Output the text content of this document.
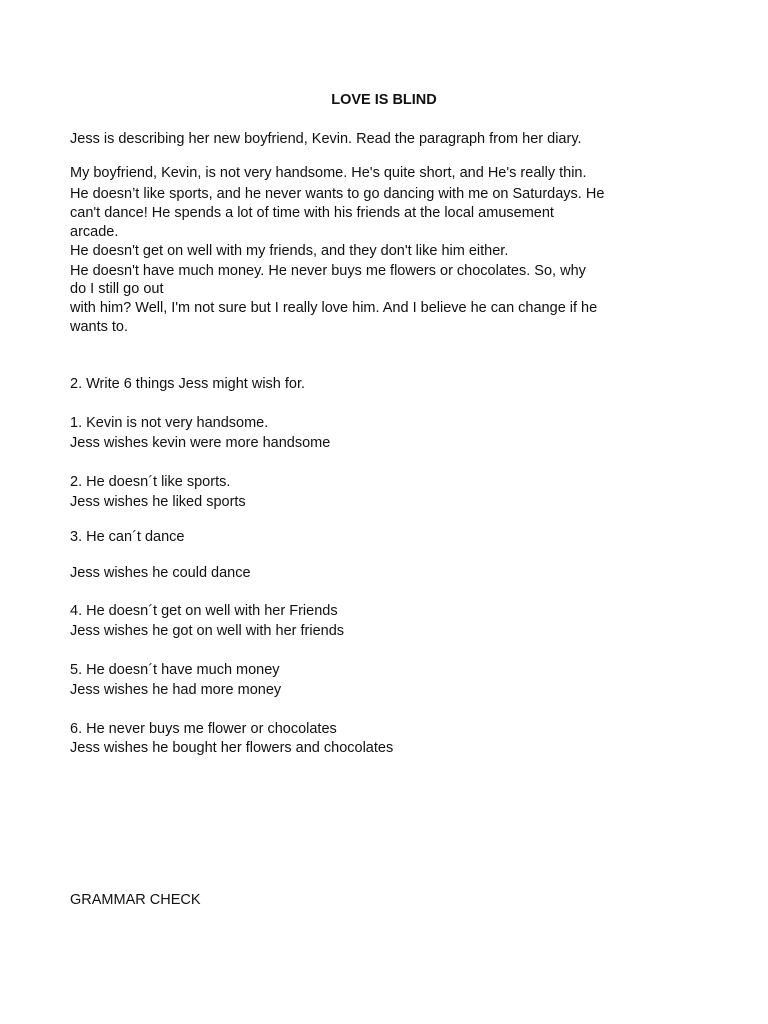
LOVE IS BLIND
Jess is describing her new boyfriend, Kevin. Read the paragraph from her diary.
My boyfriend, Kevin, is not very handsome. He's quite short, and He's really thin.
He doesn’t like sports, and he never wants to go dancing with me on Saturdays. He
can't dance! He spends a lot of time with his friends at the local amusement
arcade.
He doesn't get on well with my friends, and they don't like him either.
He doesn't have much money. He never buys me flowers or chocolates. So, why
do I still go out
with him? Well, I'm not sure but I really love him. And I believe he can change if he
wants to.
2. Write 6 things Jess might wish for.
1. Kevin is not very handsome.
Jess wishes kevin were more handsome
2. He doesn´t like sports.
Jess wishes he liked sports
3. He can´t dance
Jess wishes he could dance
4. He doesn´t get on well with her Friends
Jess wishes he got on well with her friends
5. He doesn´t have much money
Jess wishes he had more money
6. He never buys me flower or chocolates
Jess wishes he bought her flowers and chocolates
GRAMMAR CHECK
